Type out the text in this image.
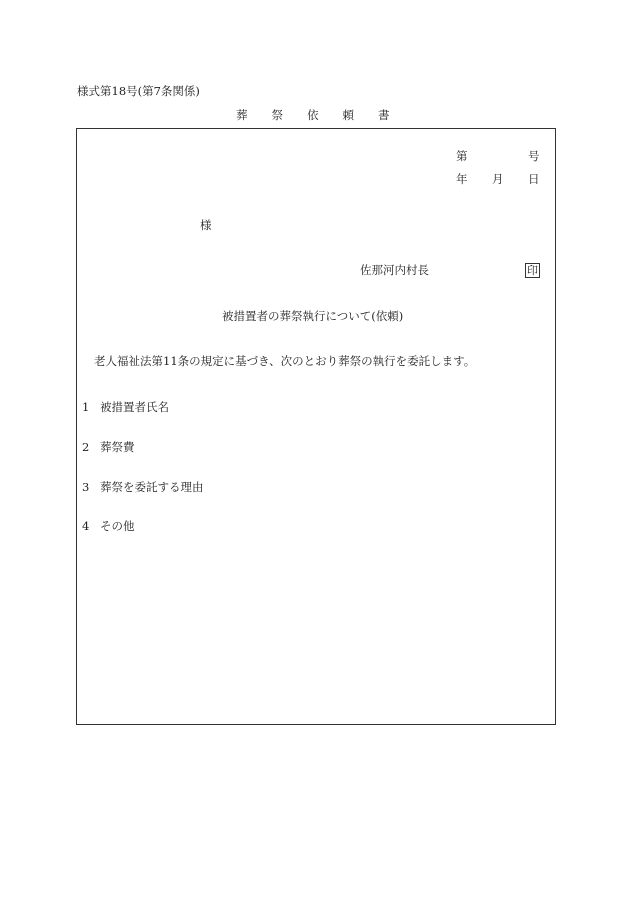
様式第18号(第7条関係)
葬 祭 依 頼 書
第	号
年 月 日
様
佐那河内村長	印
被措置者の葬祭執行について(依頼)
老人福祉法第11条の規定に基づき、次のとおり葬祭の執行を委託します。
1 被措置者氏名
2 葬祭費
3 葬祭を委託する理由
4 その他
